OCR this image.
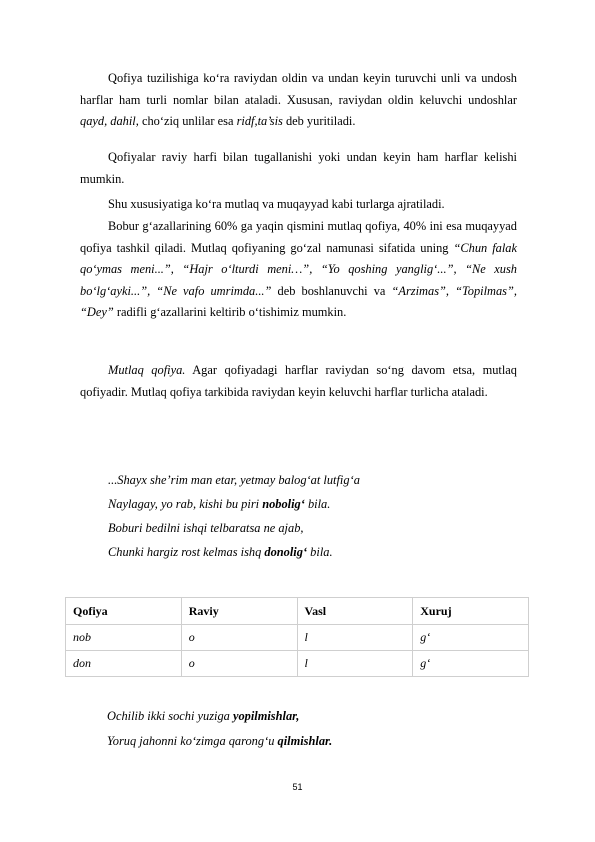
Qofiya tuzilishiga ko‘ra raviydan oldin va undan keyin turuvchi unli va undosh harflar ham turli nomlar bilan ataladi. Xususan, raviydan oldin keluvchi undoshlar qayd, dahil, cho‘ziq unlilar esa ridf,ta’sis deb yuritiladi.

Qofiyalar raviy harfi bilan tugallanishi yoki undan keyin ham harflar kelishi mumkin.

Shu xususiyatiga ko‘ra mutlaq va muqayyad kabi turlarga ajratiladi.

Bobur g‘azallarining 60% ga yaqin qismini mutlaq qofiya, 40% ini esa muqayyad qofiya tashkil qiladi. Mutlaq qofiyaning go‘zal namunasi sifatida uning “Chun falak qo‘ymas meni...”, “Hajr o‘lturdi meni…”, “Yo qoshing yanglig‘...”, “Ne xush bo‘lg‘ayki...”, “Ne vafo umrimda...” deb boshlanuvchi va “Arzimas”, “Topilmas”, “Dey” radifli g‘azallarini keltirib o‘tishimiz mumkin.

Mutlaq qofiya. Agar qofiyadagi harflar raviydan so‘ng davom etsa, mutlaq qofiyadir. Mutlaq qofiya tarkibida raviydan keyin keluvchi harflar turlicha ataladi.

...Shayx she’rim man etar, yetmay balog‘at lutfig‘a

Naylagay, yo rab, kishi bu piri nobolig‘ bila.

Boburi bedilni ishqi telbaratsa ne ajab,

Chunki hargiz rost kelmas ishq donolig‘ bila.

Qofiya	Raviy	Vasl	Xuruj
nob	o	l	g‘
don	o	l	g‘

Ochilib ikki sochi yuziga yopilmishlar,

Yoruq jahonni ko‘zimga qarong‘u qilmishlar.

51
